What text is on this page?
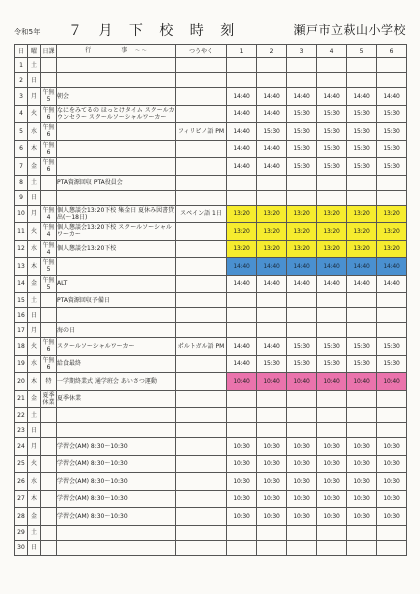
令和5年 ７ 月 下 校 時 刻	瀬戸市立萩山小学校
日	曜	日課	行　　　事 ～ ～	つうやく	1	2	3	4	5	6
1	土									
2	日									
3	月	午無5	朝会		14:40	14:40	14:40	14:40	14:40	14:40
4	火	午無6	なにをみてるの ほっとけタイム スクールカウンセラー スクールソーシャルワーカー		14:40	14:40	15:30	15:30	15:30	15:30
5	水	午無6		フィリピノ語 PM	14:40	15:30	15:30	15:30	15:30	15:30
6	木	午無6			14:40	14:40	15:30	15:30	15:30	15:30
7	金	午無6			14:40	14:40	15:30	15:30	15:30	15:30
8	土		PTA資源回収 PTA役員会							
9	日									
10	月	午無4	個人懇談会13:20下校 集金日 夏休み図書貸出(～18日)	スペイン語 1日	13:20	13:20	13:20	13:20	13:20	13:20
11	火	午無4	個人懇談会13:20下校 スクールソーシャルワーカー		13:20	13:20	13:20	13:20	13:20	13:20
12	水	午無4	個人懇談会13:20下校		13:20	13:20	13:20	13:20	13:20	13:20
13	木	午無5			14:40	14:40	14:40	14:40	14:40	14:40
14	金	午無5	ALT		14:40	14:40	14:40	14:40	14:40	14:40
15	土		PTA資源回収予備日							
16	日									
17	月		海の日							
18	火	午無6	スクールソーシャルワーカー	ポルトガル語 PM	14:40	14:40	15:30	15:30	15:30	15:30
19	水	午無6	給食最終		14:40	15:30	15:30	15:30	15:30	15:30
20	木	特	一学期終業式 通学班会 あいさつ運動		10:40	10:40	10:40	10:40	10:40	10:40
21	金	夏季休業	夏季休業							
22	土									
23	日									
24	月		学習会(AM) 8:30～10:30		10:30	10:30	10:30	10:30	10:30	10:30
25	火		学習会(AM) 8:30～10:30		10:30	10:30	10:30	10:30	10:30	10:30
26	水		学習会(AM) 8:30～10:30		10:30	10:30	10:30	10:30	10:30	10:30
27	木		学習会(AM) 8:30～10:30		10:30	10:30	10:30	10:30	10:30	10:30
28	金		学習会(AM) 8:30～10:30		10:30	10:30	10:30	10:30	10:30	10:30
29	土									
30	日									
